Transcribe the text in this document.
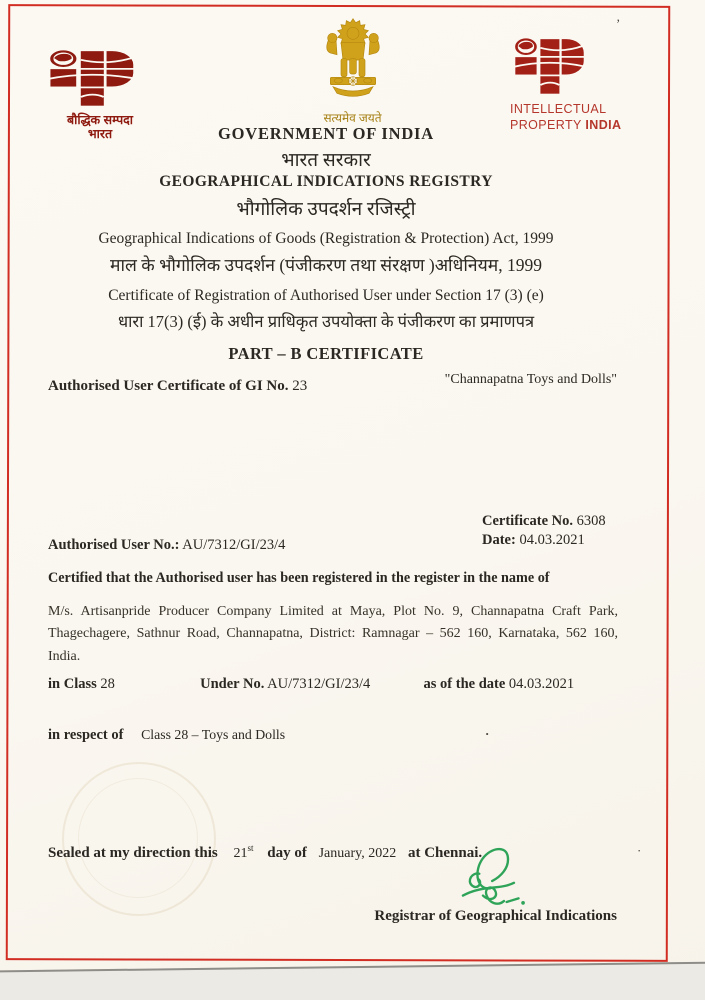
बौद्धिक सम्पदा
भारत
सत्यमेव जयते
INTELLECTUAL
PROPERTY INDIA
GOVERNMENT OF INDIA
भारत सरकार
GEOGRAPHICAL INDICATIONS REGISTRY
भौगोलिक उपदर्शन रजिस्ट्री
Geographical Indications of Goods (Registration & Protection) Act, 1999
माल के भौगोलिक उपदर्शन (पंजीकरण तथा संरक्षण )अधिनियम, 1999
Certificate of Registration of Authorised User under Section 17 (3) (e)
धारा 17(3) (ई) के अधीन प्राधिकृत उपयोक्ता के पंजीकरण का प्रमाणपत्र
PART – B CERTIFICATE
Authorised User Certificate of GI No. 23	"Channapatna Toys and Dolls"
Certificate No. 6308
Date: 04.03.2021
Authorised User No.: AU/7312/GI/23/4
Certified that the Authorised user has been registered in the register in the name of
M/s. Artisanpride Producer Company Limited at Maya, Plot No. 9, Channapatna Craft Park, Thagechagere, Sathnur Road, Channapatna, District: Ramnagar – 562 160, Karnataka, 562 160, India.
in Class 28	Under No. AU/7312/GI/23/4	as of the date 04.03.2021
in respect of Class 28 – Toys and Dolls
Sealed at my direction this 21st day of January, 2022 at Chennai.
Registrar of Geographical Indications
’
·
·
